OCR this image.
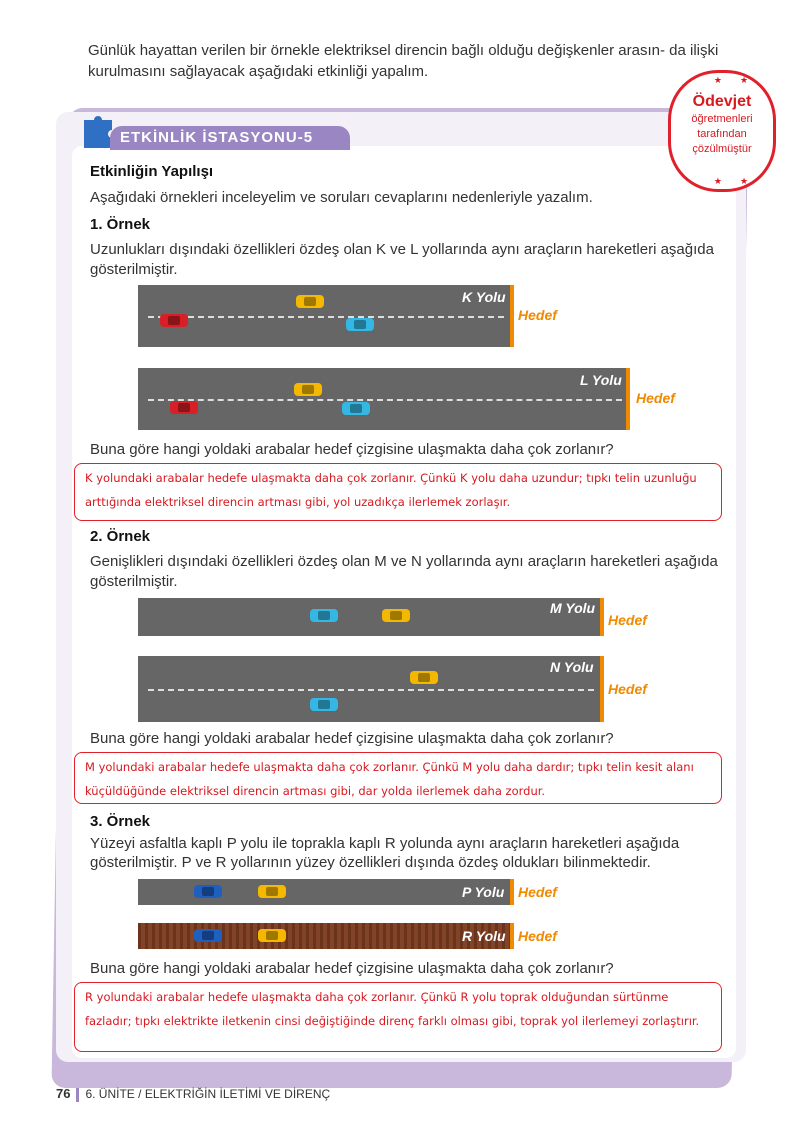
Günlük hayattan verilen bir örnekle elektriksel direncin bağlı olduğu değişkenler arasın- da ilişki kurulmasını sağlayacak aşağıdaki etkinliği yapalım.
ETKİNLİK İSTASYONU-5
★★
Ödevjet
öğretmenleri
tarafından
çözülmüştür
★★
Etkinliğin Yapılışı
Aşağıdaki örnekleri inceleyelim ve soruları cevaplarını nedenleriyle yazalım.
1. Örnek
Uzunlukları dışındaki özellikleri özdeş olan K ve L yollarında aynı araçların hareketleri aşağıda gösterilmiştir.
K Yolu
Hedef
L Yolu
Hedef
Buna göre hangi yoldaki arabalar hedef çizgisine ulaşmakta daha çok zorlanır?
K yolundaki arabalar hedefe ulaşmakta daha çok zorlanır. Çünkü K yolu daha uzundur; tıpkı telin uzunluğu arttığında elektriksel direncin artması gibi, yol uzadıkça ilerlemek zorlaşır.
2. Örnek
Genişlikleri dışındaki özellikleri özdeş olan M ve N yollarında aynı araçların hareketleri aşağıda gösterilmiştir.
M Yolu
Hedef
N Yolu
Hedef
Buna göre hangi yoldaki arabalar hedef çizgisine ulaşmakta daha çok zorlanır?
M yolundaki arabalar hedefe ulaşmakta daha çok zorlanır. Çünkü M yolu daha dardır; tıpkı telin kesit alanı küçüldüğünde elektriksel direncin artması gibi, dar yolda ilerlemek daha zordur.
3. Örnek
Yüzeyi asfaltla kaplı P yolu ile toprakla kaplı R yolunda aynı araçların hareketleri aşağıda gösterilmiştir. P ve R yollarının yüzey özellikleri dışında özdeş oldukları bilinmektedir.
P Yolu Hedef
R Yolu Hedef
Buna göre hangi yoldaki arabalar hedef çizgisine ulaşmakta daha çok zorlanır?
R yolundaki arabalar hedefe ulaşmakta daha çok zorlanır. Çünkü R yolu toprak olduğundan sürtünme fazladır; tıpkı elektrikte iletkenin cinsi değiştiğinde direnç farklı olması gibi, toprak yol ilerlemeyi zorlaştırır.
76 6. ÜNİTE / ELEKTRİĞİN İLETİMİ VE DİRENÇ
